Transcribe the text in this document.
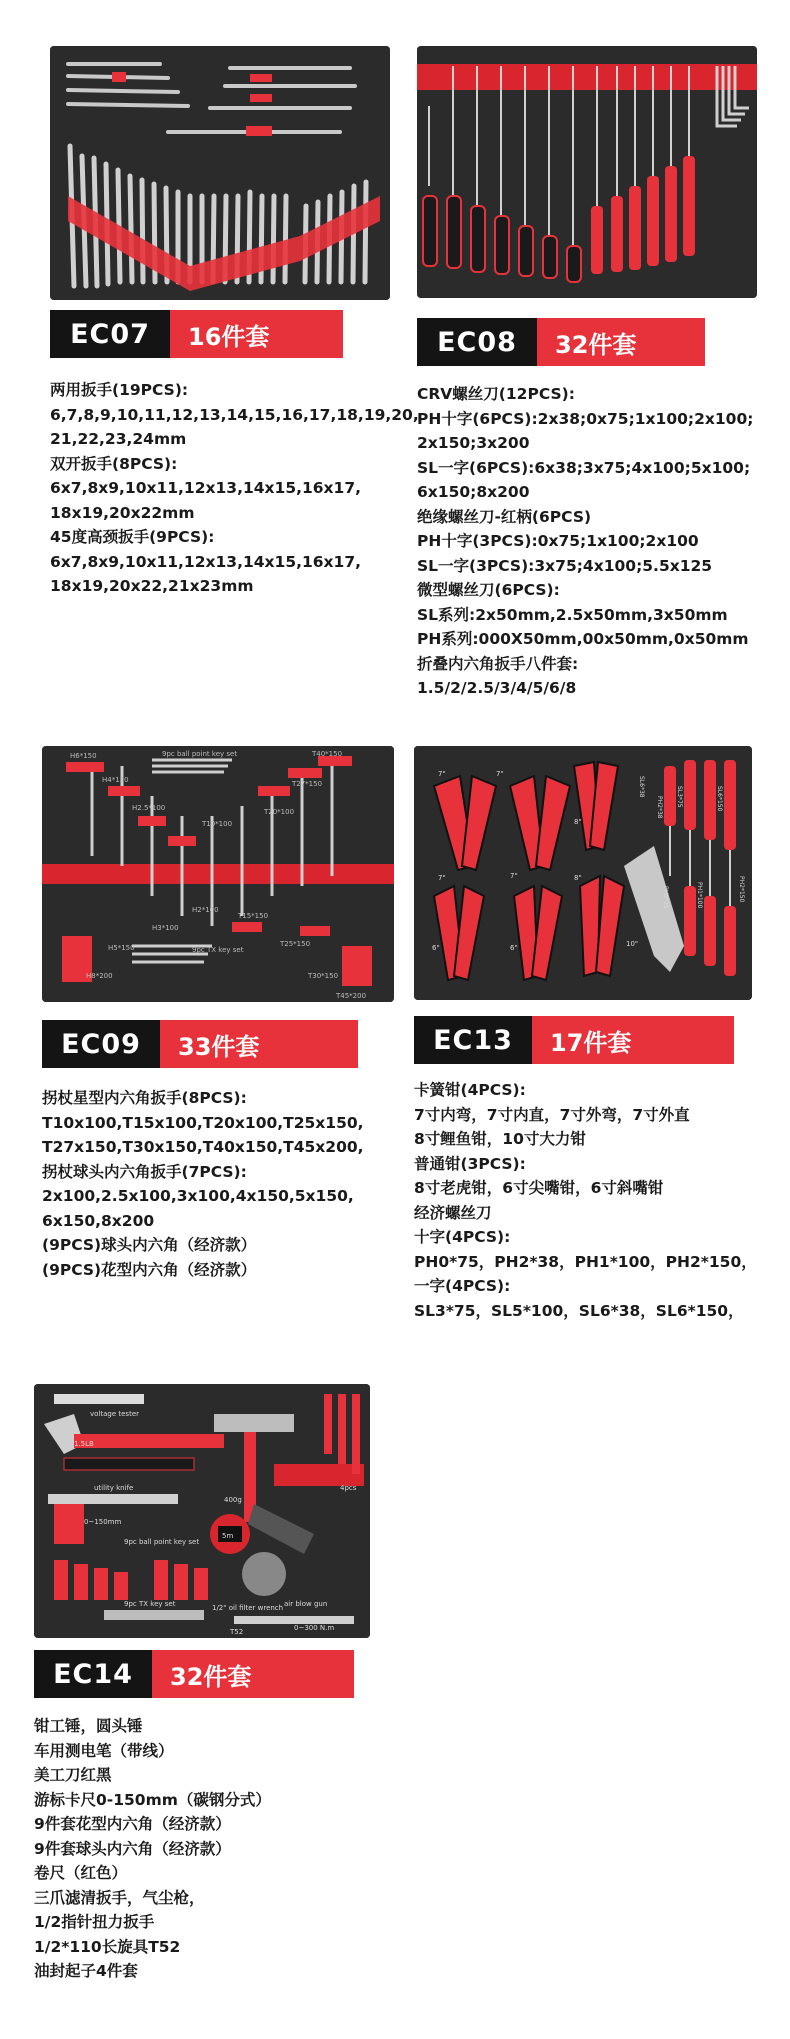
EC07	16件套
两用扳手(19PCS):
6,7,8,9,10,11,12,13,14,15,16,17,18,19,20,
21,22,23,24mm
双开扳手(8PCS):
6x7,8x9,10x11,12x13,14x15,16x17,
18x19,20x22mm
45度高颈扳手(9PCS):
6x7,8x9,10x11,12x13,14x15,16x17,
18x19,20x22,21x23mm
EC08	32件套
CRV螺丝刀(12PCS):
PH十字(6PCS):2x38;0x75;1x100;2x100;
2x150;3x200
SL一字(6PCS):6x38;3x75;4x100;5x100;
6x150;8x200
绝缘螺丝刀-红柄(6PCS)
PH十字(3PCS):0x75;1x100;2x100
SL一字(3PCS):3x75;4x100;5.5x125
微型螺丝刀(6PCS):
SL系列:2x50mm,2.5x50mm,3x50mm
PH系列:000X50mm,00x50mm,0x50mm
折叠内六角扳手八件套:
1.5/2/2.5/3/4/5/6/8
H6*150	9pc ball point key set	T40*150
H4*150	T27*150
H2.5*100	T20*100
T10*100
H2*100
T15*150
H3*100
T25*150
H5*150	9pc TX key set
T30*150
H8*200
T45*200
EC09	33件套
拐杖星型内六角扳手(8PCS):
T10x100,T15x100,T20x100,T25x150,
T27x150,T30x150,T40x150,T45x200,
拐杖球头内六角扳手(7PCS):
2x100,2.5x100,3x100,4x150,5x150,
6x150,8x200
(9PCS)球头内六角（经济款）
(9PCS)花型内六角（经济款）
7"	7"
8"
7"	7"	8"
6"	6"	10"
SL6*38
PH2*38 SL3*75	SL6*150
PH0*75	PH1*100	PH2*150
EC13	17件套
卡簧钳(4PCS):
7寸内弯，7寸内直，7寸外弯，7寸外直
8寸鲤鱼钳，10寸大力钳
普通钳(3PCS):
8寸老虎钳，6寸尖嘴钳，6寸斜嘴钳
经济螺丝刀
十字(4PCS):
PH0*75，PH2*38，PH1*100，PH2*150，
一字(4PCS):
SL3*75，SL5*100，SL6*38，SL6*150，
voltage tester
1.5LB
400g
utility knife
5m
0~150mm
9pc ball point key set
9pc TX key set	1/2" oil filter wrench air blow gun
T52	0~300 N.m
4pcs
EC14	32件套
钳工锤，圆头锤
车用测电笔（带线）
美工刀红黑
游标卡尺0-150mm（碳钢分式）
9件套花型内六角（经济款）
9件套球头内六角（经济款）
卷尺（红色）
三爪滤清扳手，气尘枪，
1/2指针扭力扳手
1/2*110长旋具T52
油封起子4件套
